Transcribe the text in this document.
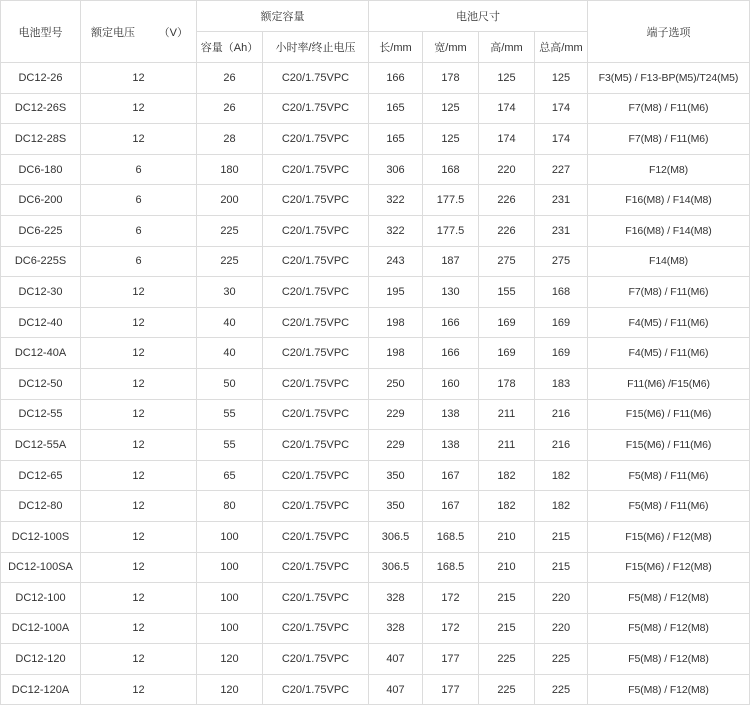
电池型号	额定电压 （V）	额定容量		电池尺寸				端子选项
		容量（Ah）	小时率/终止电压	长/mm	宽/mm	高/mm	总高/mm	
DC12-26	12	26	C20/1.75VPC	166	178	125	125	F3(M5) / F13-BP(M5)/T24(M5)
DC12-26S	12	26	C20/1.75VPC	165	125	174	174	F7(M8) / F11(M6)
DC12-28S	12	28	C20/1.75VPC	165	125	174	174	F7(M8) / F11(M6)
DC6-180	6	180	C20/1.75VPC	306	168	220	227	F12(M8)
DC6-200	6	200	C20/1.75VPC	322	177.5	226	231	F16(M8) / F14(M8)
DC6-225	6	225	C20/1.75VPC	322	177.5	226	231	F16(M8) / F14(M8)
DC6-225S	6	225	C20/1.75VPC	243	187	275	275	F14(M8)
DC12-30	12	30	C20/1.75VPC	195	130	155	168	F7(M8) / F11(M6)
DC12-40	12	40	C20/1.75VPC	198	166	169	169	F4(M5) / F11(M6)
DC12-40A	12	40	C20/1.75VPC	198	166	169	169	F4(M5) / F11(M6)
DC12-50	12	50	C20/1.75VPC	250	160	178	183	F11(M6) /F15(M6)
DC12-55	12	55	C20/1.75VPC	229	138	211	216	F15(M6) / F11(M6)
DC12-55A	12	55	C20/1.75VPC	229	138	211	216	F15(M6) / F11(M6)
DC12-65	12	65	C20/1.75VPC	350	167	182	182	F5(M8) / F11(M6)
DC12-80	12	80	C20/1.75VPC	350	167	182	182	F5(M8) / F11(M6)
DC12-100S	12	100	C20/1.75VPC	306.5	168.5	210	215	F15(M6) / F12(M8)
DC12-100SA	12	100	C20/1.75VPC	306.5	168.5	210	215	F15(M6) / F12(M8)
DC12-100	12	100	C20/1.75VPC	328	172	215	220	F5(M8) / F12(M8)
DC12-100A	12	100	C20/1.75VPC	328	172	215	220	F5(M8) / F12(M8)
DC12-120	12	120	C20/1.75VPC	407	177	225	225	F5(M8) / F12(M8)
DC12-120A	12	120	C20/1.75VPC	407	177	225	225	F5(M8) / F12(M8)
